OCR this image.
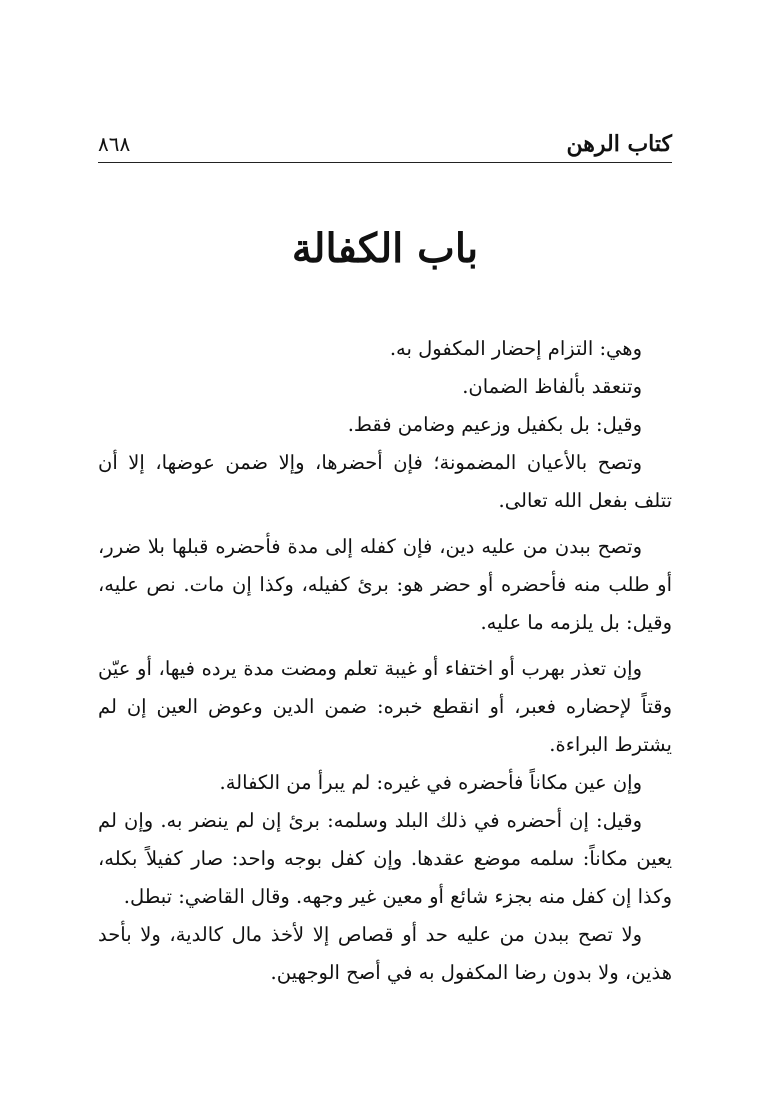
كتاب الرهن
٨٦٨
باب الكفالة

وهي: التزام إحضار المكفول به.

وتنعقد بألفاظ الضمان.

وقيل: بل بكفيل وزعيم وضامن فقط.

وتصح بالأعيان المضمونة؛ فإن أحضرها، وإلا ضمن عوضها، إلا أن تتلف بفعل الله تعالى.

وتصح ببدن من عليه دين، فإن كفله إلى مدة فأحضره قبلها بلا ضرر، أو طلب منه فأحضره أو حضر هو: برئ كفيله، وكذا إن مات. نص عليه، وقيل: بل يلزمه ما عليه.

وإن تعذر بهرب أو اختفاء أو غيبة تعلم ومضت مدة يرده فيها، أو عيّن وقتاً لإحضاره فعبر، أو انقطع خبره: ضمن الدين وعوض العين إن لم يشترط البراءة.

وإن عين مكاناً فأحضره في غيره: لم يبرأ من الكفالة.

وقيل: إن أحضره في ذلك البلد وسلمه: برئ إن لم ينضر به. وإن لم يعين مكاناً: سلمه موضع عقدها. وإن كفل بوجه واحد: صار كفيلاً بكله، وكذا إن كفل منه بجزء شائع أو معين غير وجهه. وقال القاضي: تبطل.

ولا تصح ببدن من عليه حد أو قصاص إلا لأخذ مال كالدية، ولا بأحد هذين، ولا بدون رضا المكفول به في أصح الوجهين.
